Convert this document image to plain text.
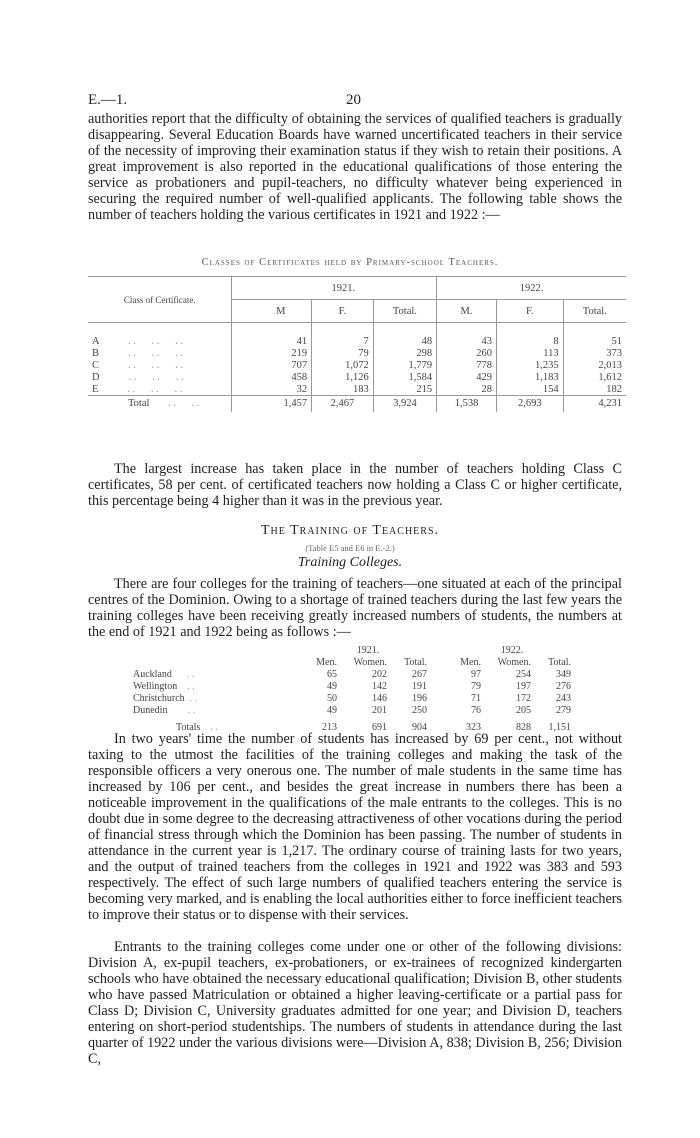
E.—1.	20

authorities report that the difficulty of obtaining the services of qualified teachers is gradually disappearing. Several Education Boards have warned uncertificated teachers in their service of the necessity of improving their examination status if they wish to retain their positions. A great improvement is also reported in the educational qualifications of those entering the service as probationers and pupil-teachers, no difficulty whatever being experienced in securing the required number of well-qualified applicants. The following table shows the number of teachers holding the various certificates in 1921 and 1922 :—

Classes of Certificates held by Primary-school Teachers.
Class of Certificate.		1921.			1922.		
		M	F.	Total.	M.	F.	Total.

A           . .      . .      . .		41	7	48	43	8	51
B           . .      . .      . .		219	79	298	260	113	373
C           . .      . .      . .		707	1,072	1,779	778	1,235	2,013
D           . .      . .      . .		458	1,126	1,584	429	1,183	1,612
E           . .      . .      . .		32	183	215	28	154	182
Total       . .      . .		1,457	2,467	3,924	1,538	2,693	4,231

The largest increase has taken place in the number of teachers holding Class C certificates, 58 per cent. of certificated teachers now holding a Class C or higher certificate, this percentage being 4 higher than it was in the previous year.

The Training of Teachers.
(Table E5 and E6 in E.-2.)
Training Colleges.

There are four colleges for the training of teachers—one situated at each of the principal centres of the Dominion. Owing to a shortage of trained teachers during the last few years the training colleges have been receiving greatly increased numbers of students, the numbers at the end of 1921 and 1922 being as follows :—

	1921.				1922.		
	Men.	Women.	Total.		Men.	Women.	Total.
Auckland      . .	65	202	267		97	254	349
Wellington    . .	49	142	191		79	197	276
Christchurch  . .	50	146	196		71	172	243
Dunedin        . .	49	201	250		76	205	279
Totals    . .	213	691	904		323	828	1,151

In two years' time the number of students has increased by 69 per cent., not without taxing to the utmost the facilities of the training colleges and making the task of the responsible officers a very onerous one. The number of male students in the same time has increased by 106 per cent., and besides the great increase in numbers there has been a noticeable improvement in the qualifications of the male entrants to the colleges. This is no doubt due in some degree to the decreasing attractiveness of other vocations during the period of financial stress through which the Dominion has been passing. The number of students in attendance in the current year is 1,217. The ordinary course of training lasts for two years, and the output of trained teachers from the colleges in 1921 and 1922 was 383 and 593 respectively. The effect of such large numbers of qualified teachers entering the service is becoming very marked, and is enabling the local authorities either to force inefficient teachers to improve their status or to dispense with their services.

Entrants to the training colleges come under one or other of the following divisions: Division A, ex-pupil teachers, ex-probationers, or ex-trainees of recognized kindergarten schools who have obtained the necessary educational qualification; Division B, other students who have passed Matriculation or obtained a higher leaving-certificate or a partial pass for Class D; Division C, University graduates admitted for one year; and Division D, teachers entering on short-period studentships. The numbers of students in attendance during the last quarter of 1922 under the various divisions were—Division A, 838; Division B, 256; Division C,
